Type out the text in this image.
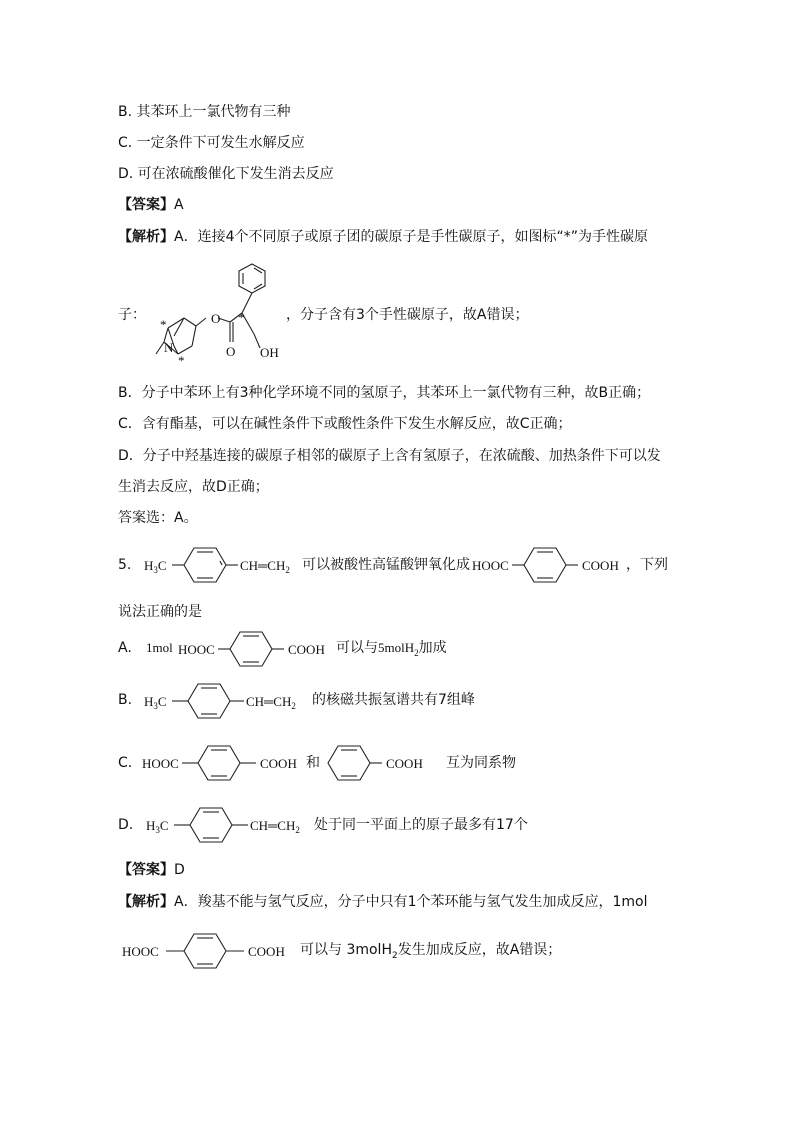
B. 其苯环上一氯代物有三种
C. 一定条件下可发生水解反应
D. 可在浓硫酸催化下发生消去反应
【答案】A
【解析】A．连接4个不同原子或原子团的碳原子是手性碳原子，如图标“*”为手性碳原
子：	O
O OH
N
*
*
*
，分子含有3个手性碳原子，故A错误；
B．分子中苯环上有3种化学环境不同的氢原子，其苯环上一氯代物有三种，故B正确；
C．含有酯基，可以在碱性条件下或酸性条件下发生水解反应，故C正确；
D．分子中羟基连接的碳原子相邻的碳原子上含有氢原子，在浓硫酸、加热条件下可以发
生消去反应，故D正确；
答案选：A。
5. $H_3C$	$CH═CH_2$ 可以被酸性高锰酸钾氧化成 HOOC	COOH ，下列
说法正确的是
A. 1mol HOOC	COOH 可以与5molH$_2$加成
B. $H_3C$	$CH═CH_2$ 的核磁共振氢谱共有7组峰
C. HOOC	COOH 和	COOH 互为同系物
D. $H_3C$	$CH═CH_2$ 处于同一平面上的原子最多有17个
【答案】D
【解析】A．羧基不能与氢气反应，分子中只有1个苯环能与氢气发生加成反应，1mol
HOOC	COOH 可以与 3molH$_2$发生加成反应，故A错误；
